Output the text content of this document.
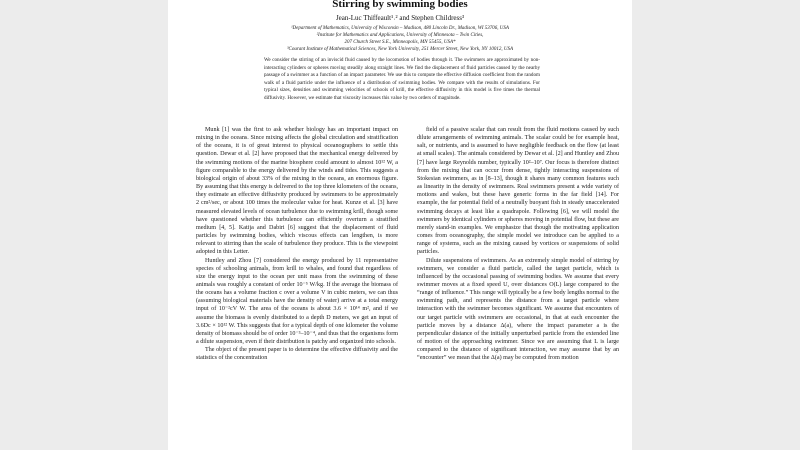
Stirring by swimming bodies
Jean-Luc Thiffeault¹˒² and Stephen Childress³
¹Department of Mathematics, University of Wisconsin – Madison, 480 Lincoln Dr., Madison, WI 53706, USA
²Institute for Mathematics and Applications, University of Minnesota – Twin Cities,
207 Church Street S.E., Minneapolis, MN 55455, USA*
³Courant Institute of Mathematical Sciences, New York University, 251 Mercer Street, New York, NY 10012, USA
We consider the stirring of an inviscid fluid caused by the locomotion of bodies through it. The swimmers are approximated by non-interacting cylinders or spheres moving steadily along straight lines. We find the displacement of fluid particles caused by the nearby passage of a swimmer as a function of an impact parameter. We use this to compute the effective diffusion coefficient from the random walk of a fluid particle under the influence of a distribution of swimming bodies. We compare with the results of simulations. For typical sizes, densities and swimming velocities of schools of krill, the effective diffusivity in this model is five times the thermal diffusivity. However, we estimate that viscosity increases this value by two orders of magnitude.

Munk [1] was the first to ask whether biology has an important impact on mixing in the oceans. Since mixing affects the global circulation and stratification of the oceans, it is of great interest to physical oceanographers to settle this question. Dewar et al. [2] have proposed that the mechanical energy delivered by the swimming motions of the marine biosphere could amount to almost 10¹² W, a figure comparable to the energy delivered by the winds and tides. This suggests a biological origin of about 33% of the mixing in the oceans, an enormous figure. By assuming that this energy is delivered to the top three kilometers of the oceans, they estimate an effective diffusivity produced by swimmers to be approximately 2 cm²/sec, or about 100 times the molecular value for heat. Kunze et al. [3] have measured elevated levels of ocean turbulence due to swimming krill, though some have questioned whether this turbulence can efficiently overturn a stratified medium [4, 5]. Katija and Dabiri [6] suggest that the displacement of fluid particles by swimming bodies, which viscous effects can lengthen, is more relevant to stirring than the scale of turbulence they produce. This is the viewpoint adopted in this Letter.

Huntley and Zhou [7] considered the energy produced by 11 representative species of schooling animals, from krill to whales, and found that regardless of size the energy input to the ocean per unit mass from the swimming of these animals was roughly a constant of order 10⁻⁵ W/kg. If the average the biomass of the oceans has a volume fraction c over a volume V in cubic meters, we can thus (assuming biological materials have the density of water) arrive at a total energy input of 10⁻²cV W. The area of the oceans is about 3.6 × 10¹⁴ m², and if we assume the biomass is evenly distributed to a depth D meters, we get an input of 3.6Dc × 10¹² W. This suggests that for a typical depth of one kilometer the volume density of biomass should be of order 10⁻³–10⁻⁴, and thus that the organisms form a dilute suspension, even if their distribution is patchy and organized into schools.

The object of the present paper is to determine the effective diffusivity and the statistics of the concentration

field of a passive scalar that can result from the fluid motions caused by such dilute arrangements of swimming animals. The scalar could be for example heat, salt, or nutrients, and is assumed to have negligible feedback on the flow (at least at small scales). The animals considered by Dewar et al. [2] and Huntley and Zhou [7] have large Reynolds number, typically 10²–10⁷. Our focus is therefore distinct from the mixing that can occur from dense, tightly interacting suspensions of Stokesian swimmers, as in [8–13], though it shares many common features such as linearity in the density of swimmers. Real swimmers present a wide variety of motions and wakes, but these have generic forms in the far field [14]. For example, the far potential field of a neutrally buoyant fish in steady unaccelerated swimming decays at least like a quadrapole. Following [6], we will model the swimmers by identical cylinders or spheres moving in potential flow, but these are merely stand-in examples. We emphasize that though the motivating application comes from oceanography, the simple model we introduce can be applied to a range of systems, such as the mixing caused by vortices or suspensions of solid particles.

Dilute suspensions of swimmers. As an extremely simple model of stirring by swimmers, we consider a fluid particle, called the target particle, which is influenced by the occasional passing of swimming bodies. We assume that every swimmer moves at a fixed speed U, over distances O(L) large compared to the “range of influence.” This range will typically be a few body lengths normal to the swimming path, and represents the distance from a target particle where interaction with the swimmer becomes significant. We assume that encounters of our target particle with swimmers are occasional, in that at each encounter the particle moves by a distance Δ(a), where the impact parameter a is the perpendicular distance of the initially unperturbed particle from the extended line of motion of the approaching swimmer. Since we are assuming that L is large compared to the distance of significant interaction, we may assume that by an “encounter” we mean that the Δ(a) may be computed from motion
